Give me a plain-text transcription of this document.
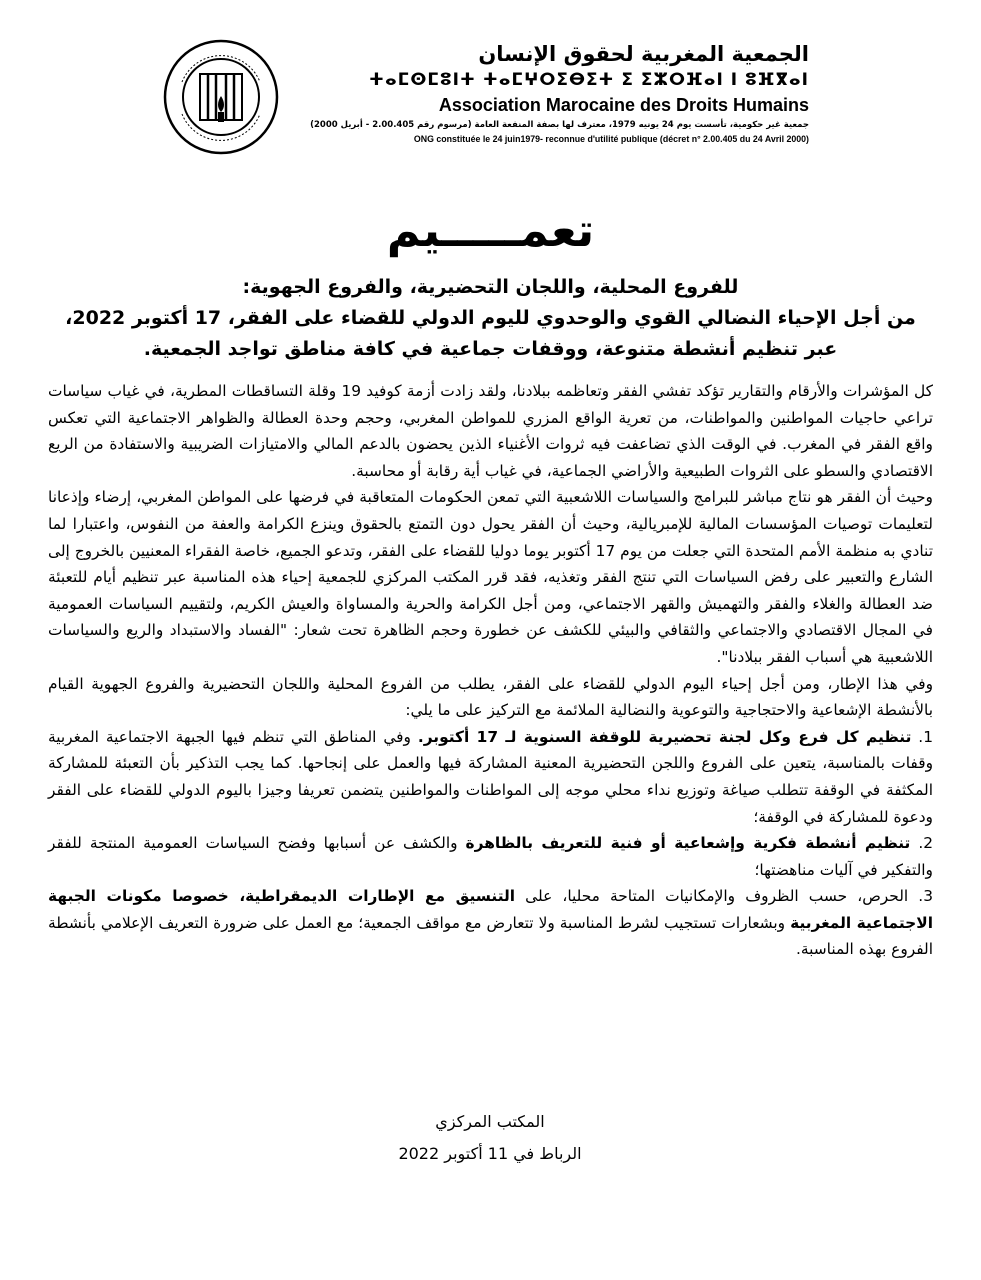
الجمعية المغربية لحقوق الإنسان
ⵜⴰⵎⵙⵎⵓⵏⵜ ⵜⴰⵎⵖⵔⵉⴱⵉⵜ ⵉ ⵉⵣⵔⴼⴰⵏ ⵏ ⵓⴼⴳⴰⵏ
Association Marocaine des Droits Humains
جمعية غير حكومية، تأسست يوم 24 يونيه 1979، معترف لها بصفة المنفعة العامة (مرسوم رقم 2.00.405 - أبريل 2000)
ONG constituée le 24 juin1979- reconnue d'utilité publique (décret n° 2.00.405 du 24 Avril 2000)
تعمـــــيم
للفروع المحلية، واللجان التحضيرية، والفروع الجهوية:
من أجل الإحياء النضالي القوي والوحدوي لليوم الدولي للقضاء على الفقر، 17 أكتوبر 2022،
عبر تنظيم أنشطة متنوعة، ووقفات جماعية في كافة مناطق تواجد الجمعية.

كل المؤشرات والأرقام والتقارير تؤكد تفشي الفقر وتعاظمه ببلادنا، ولقد زادت أزمة كوفيد 19 وقلة التساقطات المطرية، في غياب سياسات تراعي حاجيات المواطنين والمواطنات، من تعرية الواقع المزري للمواطن المغربي، وحجم وحدة العطالة والظواهر الاجتماعية التي تعكس واقع الفقر في المغرب. في الوقت الذي تضاعفت فيه ثروات الأغنياء الذين يحضون بالدعم المالي والامتيازات الضريبية والاستفادة من الريع الاقتصادي والسطو على الثروات الطبيعية والأراضي الجماعية، في غياب أية رقابة أو محاسبة.

وحيث أن الفقر هو نتاج مباشر للبرامج والسياسات اللاشعبية التي تمعن الحكومات المتعاقبة في فرضها على المواطن المغربي، إرضاء وإذعانا لتعليمات توصيات المؤسسات المالية للإمبريالية، وحيث أن الفقر يحول دون التمتع بالحقوق وينزع الكرامة والعفة من النفوس، واعتبارا لما تنادي به منظمة الأمم المتحدة التي جعلت من يوم 17 أكتوبر يوما دوليا للقضاء على الفقر، وتدعو الجميع، خاصة الفقراء المعنيين بالخروج إلى الشارع والتعبير على رفض السياسات التي تنتج الفقر وتغذيه، فقد قرر المكتب المركزي للجمعية إحياء هذه المناسبة عبر تنظيم أيام للتعبئة ضد العطالة والغلاء والفقر والتهميش والقهر الاجتماعي، ومن أجل الكرامة والحرية والمساواة والعيش الكريم، ولتقييم السياسات العمومية في المجال الاقتصادي والاجتماعي والثقافي والبيئي للكشف عن خطورة وحجم الظاهرة تحت شعار: "الفساد والاستبداد والريع والسياسات اللاشعبية هي أسباب الفقر ببلادنا".

وفي هذا الإطار، ومن أجل إحياء اليوم الدولي للقضاء على الفقر، يطلب من الفروع المحلية واللجان التحضيرية والفروع الجهوية القيام بالأنشطة الإشعاعية والاحتجاجية والتوعوية والنضالية الملائمة مع التركيز على ما يلي:

1. تنظيم كل فرع وكل لجنة تحضيرية للوقفة السنوية لـ 17 أكتوبر. وفي المناطق التي تنظم فيها الجبهة الاجتماعية المغربية وقفات بالمناسبة، يتعين على الفروع واللجن التحضيرية المعنية المشاركة فيها والعمل على إنجاحها. كما يجب التذكير بأن التعبئة للمشاركة المكثفة في الوقفة تتطلب صياغة وتوزيع نداء محلي موجه إلى المواطنات والمواطنين يتضمن تعريفا وجيزا باليوم الدولي للقضاء على الفقر ودعوة للمشاركة في الوقفة؛

2. تنظيم أنشطة فكرية وإشعاعية أو فنية للتعريف بالظاهرة والكشف عن أسبابها وفضح السياسات العمومية المنتجة للفقر والتفكير في آليات مناهضتها؛

3. الحرص، حسب الظروف والإمكانيات المتاحة محليا، على التنسيق مع الإطارات الديمقراطية، خصوصا مكونات الجبهة الاجتماعية المغربية وبشعارات تستجيب لشرط المناسبة ولا تتعارض مع مواقف الجمعية؛ مع العمل على ضرورة التعريف الإعلامي بأنشطة الفروع بهذه المناسبة.

المكتب المركزي
الرباط في 11 أكتوبر 2022
